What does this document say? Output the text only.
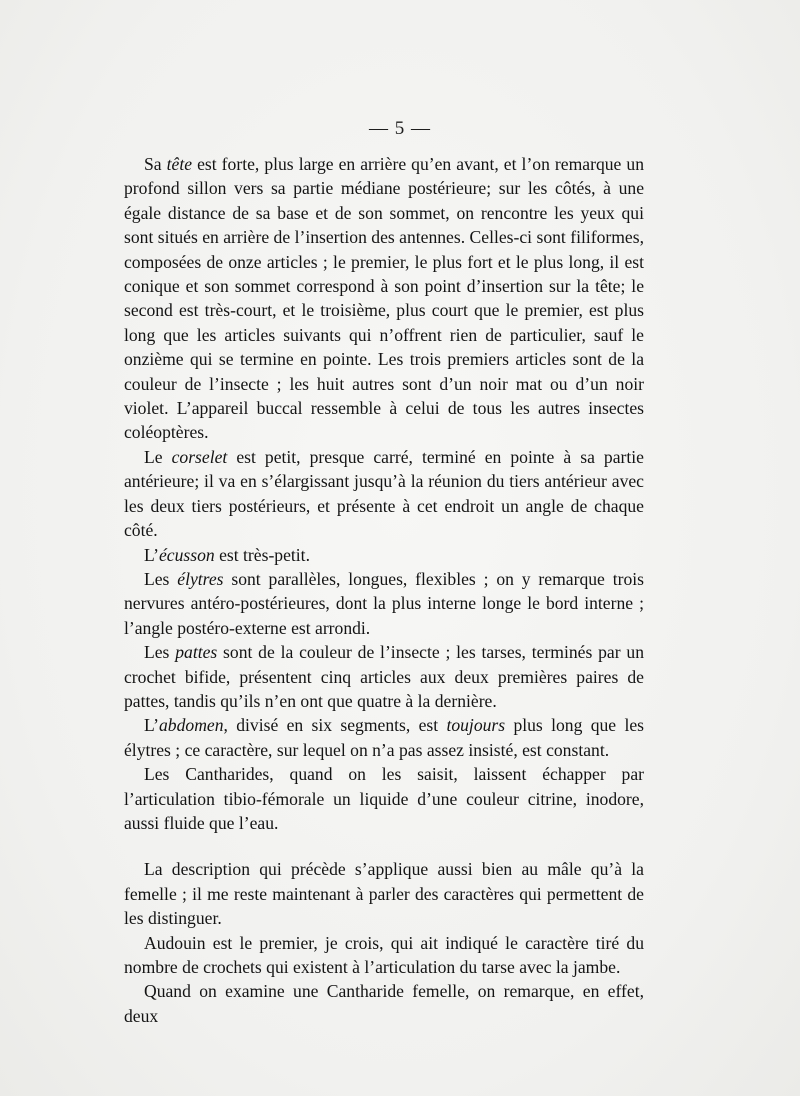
— 5 —

Sa tête est forte, plus large en arrière qu’en avant, et l’on remarque un profond sillon vers sa partie médiane postérieure; sur les côtés, à une égale distance de sa base et de son sommet, on rencontre les yeux qui sont situés en arrière de l’insertion des antennes. Celles-ci sont filiformes, composées de onze articles ; le premier, le plus fort et le plus long, il est conique et son sommet correspond à son point d’insertion sur la tête; le second est très-court, et le troisième, plus court que le premier, est plus long que les articles suivants qui n’offrent rien de particulier, sauf le onzième qui se termine en pointe. Les trois premiers articles sont de la couleur de l’insecte ; les huit autres sont d’un noir mat ou d’un noir violet. L’appareil buccal ressemble à celui de tous les autres insectes coléoptères.

Le corselet est petit, presque carré, terminé en pointe à sa partie antérieure; il va en s’élargissant jusqu’à la réunion du tiers antérieur avec les deux tiers postérieurs, et présente à cet endroit un angle de chaque côté.

L’écusson est très-petit.

Les élytres sont parallèles, longues, flexibles ; on y remarque trois nervures antéro-postérieures, dont la plus interne longe le bord interne ; l’angle postéro-externe est arrondi.

Les pattes sont de la couleur de l’insecte ; les tarses, terminés par un crochet bifide, présentent cinq articles aux deux premières paires de pattes, tandis qu’ils n’en ont que quatre à la dernière.

L’abdomen, divisé en six segments, est toujours plus long que les élytres ; ce caractère, sur lequel on n’a pas assez insisté, est constant.

Les Cantharides, quand on les saisit, laissent échapper par l’articulation tibio-fémorale un liquide d’une couleur citrine, inodore, aussi fluide que l’eau.

La description qui précède s’applique aussi bien au mâle qu’à la femelle ; il me reste maintenant à parler des caractères qui permettent de les distinguer.

Audouin est le premier, je crois, qui ait indiqué le caractère tiré du nombre de crochets qui existent à l’articulation du tarse avec la jambe.

Quand on examine une Cantharide femelle, on remarque, en effet, deux
